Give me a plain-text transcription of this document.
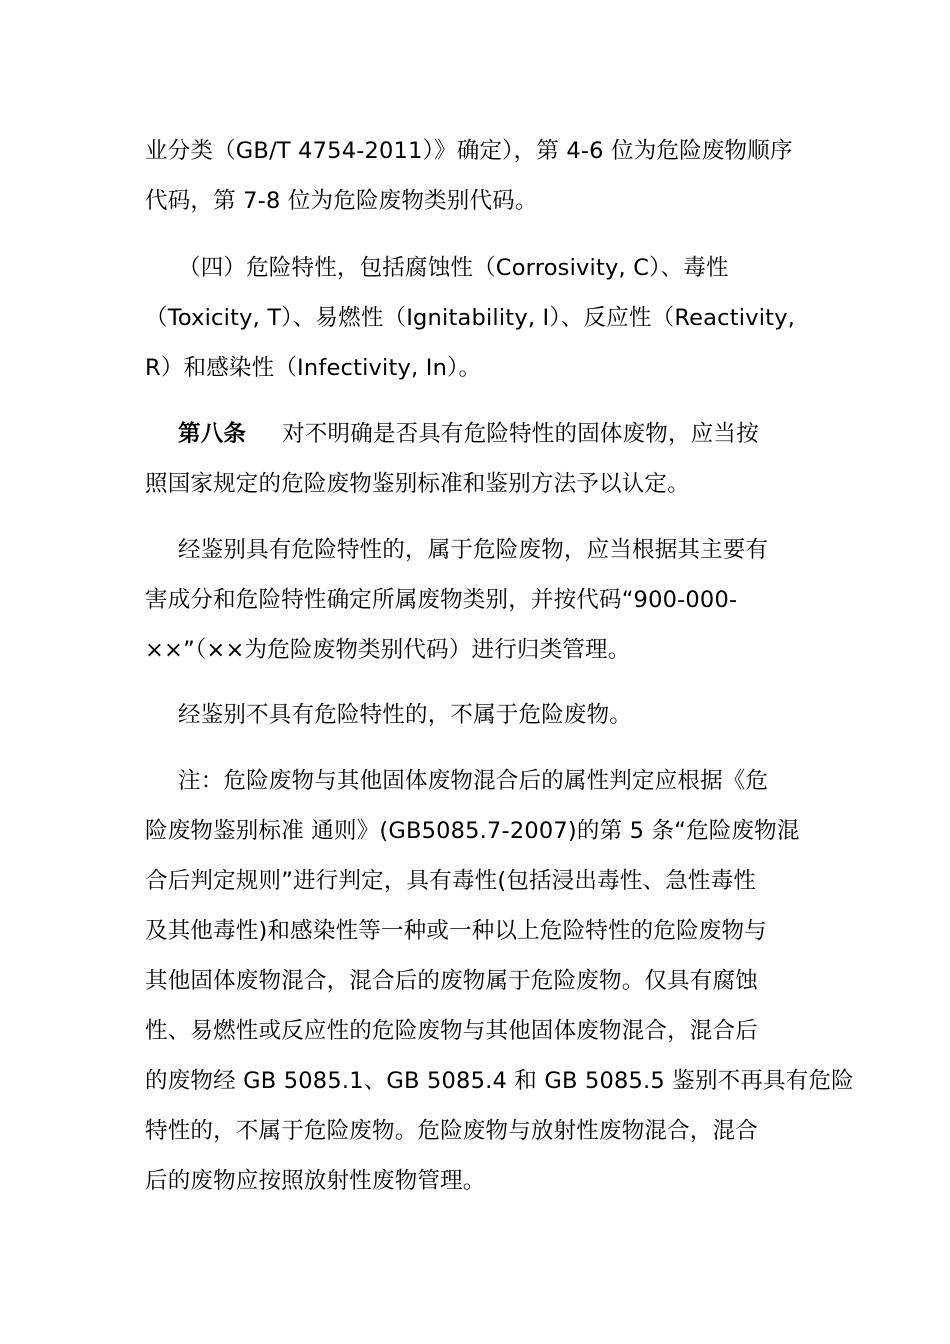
业分类（GB/T 4754-2011）》确定），第 4-6 位为危险废物顺序
代码，第 7-8 位为危险废物类别代码。
（四）危险特性，包括腐蚀性（Corrosivity, C）、毒性
（Toxicity, T）、易燃性（Ignitability, I）、反应性（Reactivity,
R）和感染性（Infectivity, In）。
第八条 对不明确是否具有危险特性的固体废物，应当按
照国家规定的危险废物鉴别标准和鉴别方法予以认定。
经鉴别具有危险特性的，属于危险废物，应当根据其主要有
害成分和危险特性确定所属废物类别，并按代码“900-000-
××”（××为危险废物类别代码）进行归类管理。
经鉴别不具有危险特性的，不属于危险废物。
注：危险废物与其他固体废物混合后的属性判定应根据《危
险废物鉴别标准 通则》(GB5085.7-2007)的第 5 条“危险废物混
合后判定规则”进行判定，具有毒性(包括浸出毒性、急性毒性
及其他毒性)和感染性等一种或一种以上危险特性的危险废物与
其他固体废物混合，混合后的废物属于危险废物。仅具有腐蚀
性、易燃性或反应性的危险废物与其他固体废物混合，混合后
的废物经 GB 5085.1、GB 5085.4 和 GB 5085.5 鉴别不再具有危险
特性的，不属于危险废物。危险废物与放射性废物混合，混合
后的废物应按照放射性废物管理。
